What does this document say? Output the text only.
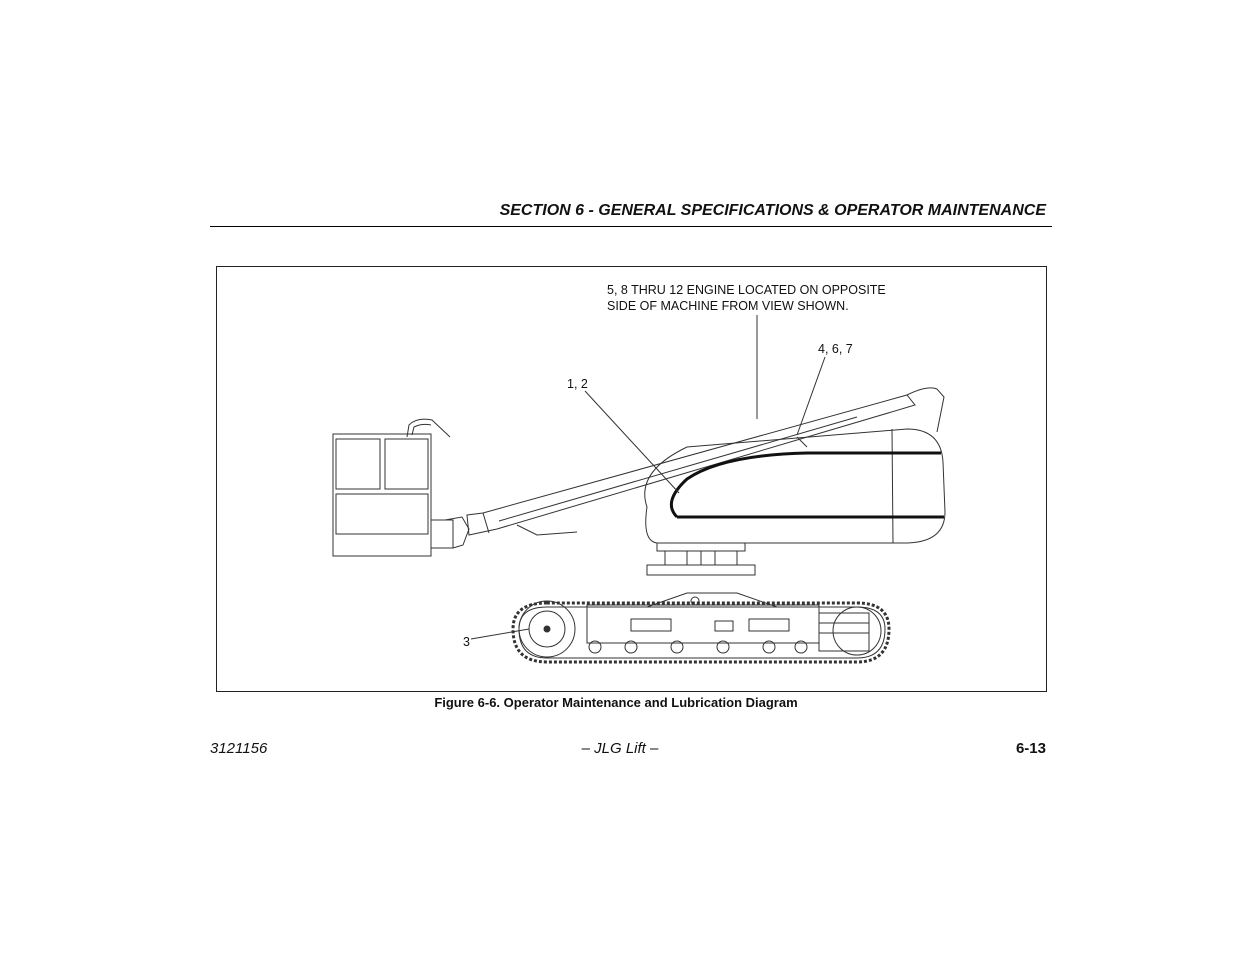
SECTION 6 - GENERAL SPECIFICATIONS & OPERATOR MAINTENANCE
5, 8 THRU 12 ENGINE LOCATED ON OPPOSITE
SIDE OF MACHINE FROM VIEW SHOWN.
4, 6, 7
1, 2
3
Figure 6-6. Operator Maintenance and Lubrication Diagram
3121156	– JLG Lift –	6-13
